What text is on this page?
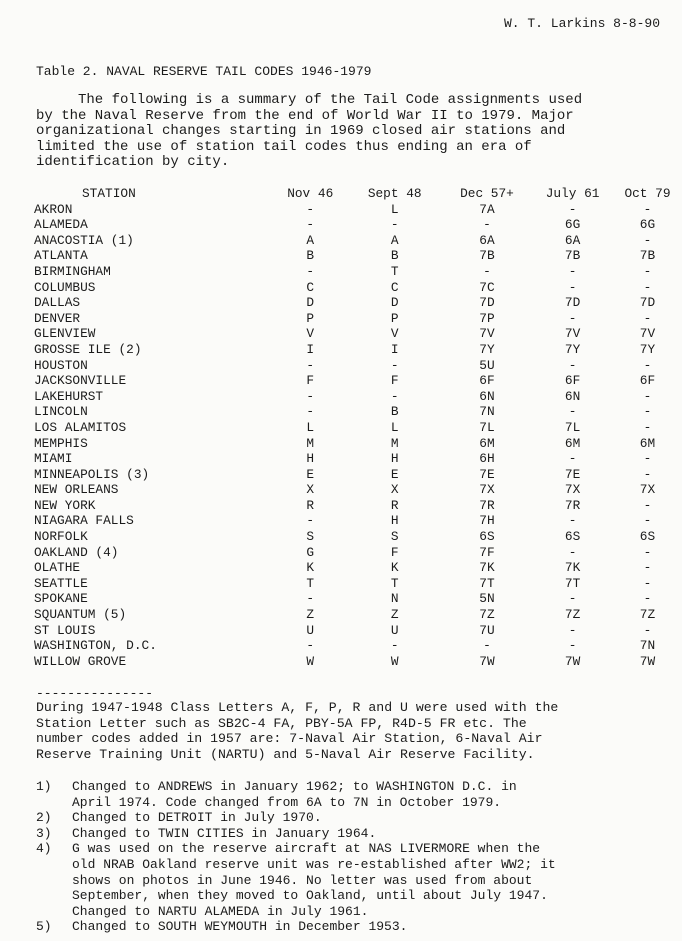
W. T. Larkins 8-8-90
Table 2. NAVAL RESERVE TAIL CODES 1946-1979

The following is a summary of the Tail Code assignments used

by the Naval Reserve from the end of World War II to 1979. Major

organizational changes starting in 1969 closed air stations and

limited the use of station tail codes thus ending an era of

identification by city.

STATION	Nov 46	Sept 48	Dec 57+	July 61	Oct 79
AKRON	-	L	7A	-	-
ALAMEDA	-	-	-	6G	6G
ANACOSTIA (1)	A	A	6A	6A	-
ATLANTA	B	B	7B	7B	7B
BIRMINGHAM	-	T	-	-	-
COLUMBUS	C	C	7C	-	-
DALLAS	D	D	7D	7D	7D
DENVER	P	P	7P	-	-
GLENVIEW	V	V	7V	7V	7V
GROSSE ILE (2)	I	I	7Y	7Y	7Y
HOUSTON	-	-	5U	-	-
JACKSONVILLE	F	F	6F	6F	6F
LAKEHURST	-	-	6N	6N	-
LINCOLN	-	B	7N	-	-
LOS ALAMITOS	L	L	7L	7L	-
MEMPHIS	M	M	6M	6M	6M
MIAMI	H	H	6H	-	-
MINNEAPOLIS (3)	E	E	7E	7E	-
NEW ORLEANS	X	X	7X	7X	7X
NEW YORK	R	R	7R	7R	-
NIAGARA FALLS	-	H	7H	-	-
NORFOLK	S	S	6S	6S	6S
OAKLAND (4)	G	F	7F	-	-
OLATHE	K	K	7K	7K	-
SEATTLE	T	T	7T	7T	-
SPOKANE	-	N	5N	-	-
SQUANTUM (5)	Z	Z	7Z	7Z	7Z
ST LOUIS	U	U	7U	-	-
WASHINGTON, D.C.	-	-	-	-	7N
WILLOW GROVE	W	W	7W	7W	7W
---------------

During 1947-1948 Class Letters A, F, P, R and U were used with the

Station Letter such as SB2C-4 FA, PBY-5A FP, R4D-5 FR etc. The

number codes added in 1957 are: 7-Naval Air Station, 6-Naval Air

Reserve Training Unit (NARTU) and 5-Naval Air Reserve Facility.

1)	Changed to ANDREWS in January 1962; to WASHINGTON D.C. in
April 1974. Code changed from 6A to 7N in October 1979.
2)	Changed to DETROIT in July 1970.
3)	Changed to TWIN CITIES in January 1964.
4)	G was used on the reserve aircraft at NAS LIVERMORE when the
old NRAB Oakland reserve unit was re-established after WW2; it
shows on photos in June 1946. No letter was used from about
September, when they moved to Oakland, until about July 1947.
Changed to NARTU ALAMEDA in July 1961.
5)	Changed to SOUTH WEYMOUTH in December 1953.
